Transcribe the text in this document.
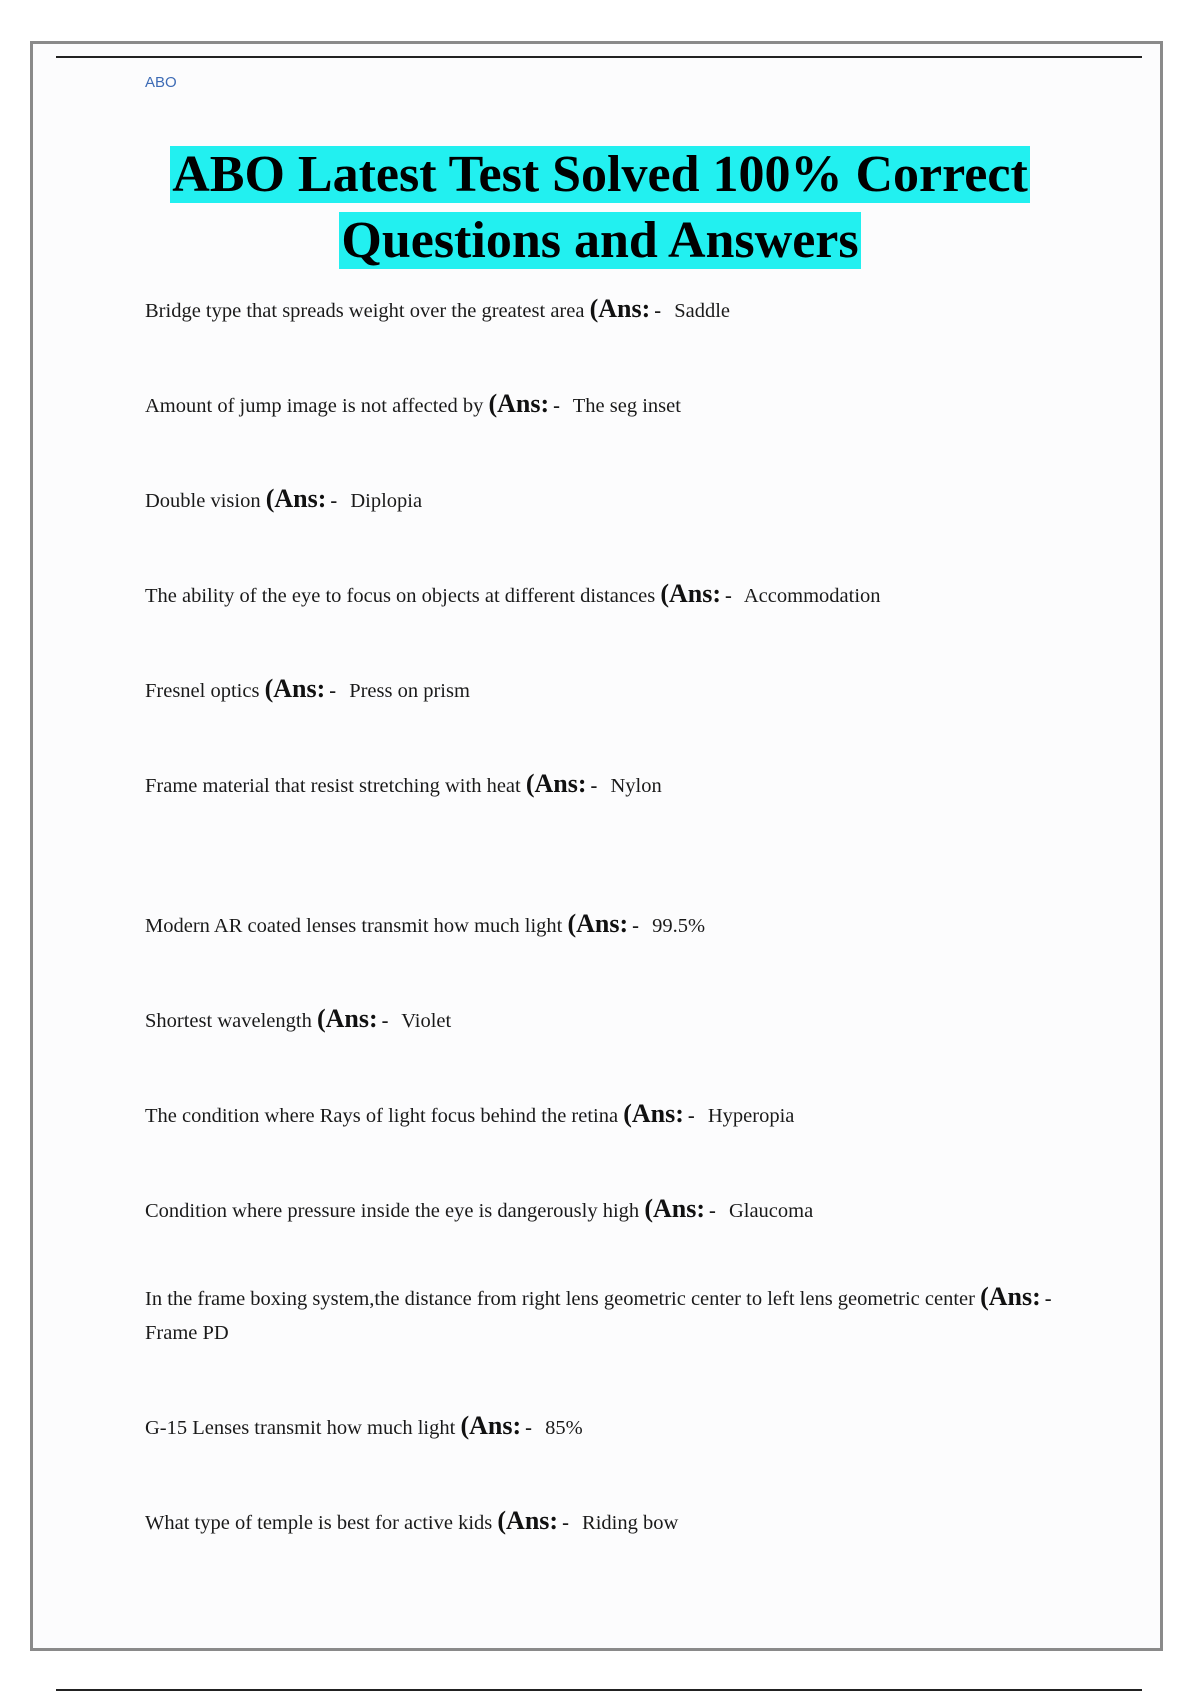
ABO
ABO Latest Test Solved 100% Correct
Questions and Answers
Bridge type that spreads weight over the greatest area (Ans: - Saddle
Amount of jump image is not affected by (Ans: - The seg inset
Double vision (Ans: - Diplopia
The ability of the eye to focus on objects at different distances (Ans: - Accommodation
Fresnel optics (Ans: - Press on prism
Frame material that resist stretching with heat (Ans: - Nylon
Modern AR coated lenses transmit how much light (Ans: - 99.5%
Shortest wavelength (Ans: - Violet
The condition where Rays of light focus behind the retina (Ans: - Hyperopia
Condition where pressure inside the eye is dangerously high (Ans: - Glaucoma
In the frame boxing system,the distance from right lens geometric center to left lens geometric center (Ans: - Frame PD
G-15 Lenses transmit how much light (Ans: - 85%
What type of temple is best for active kids (Ans: - Riding bow
